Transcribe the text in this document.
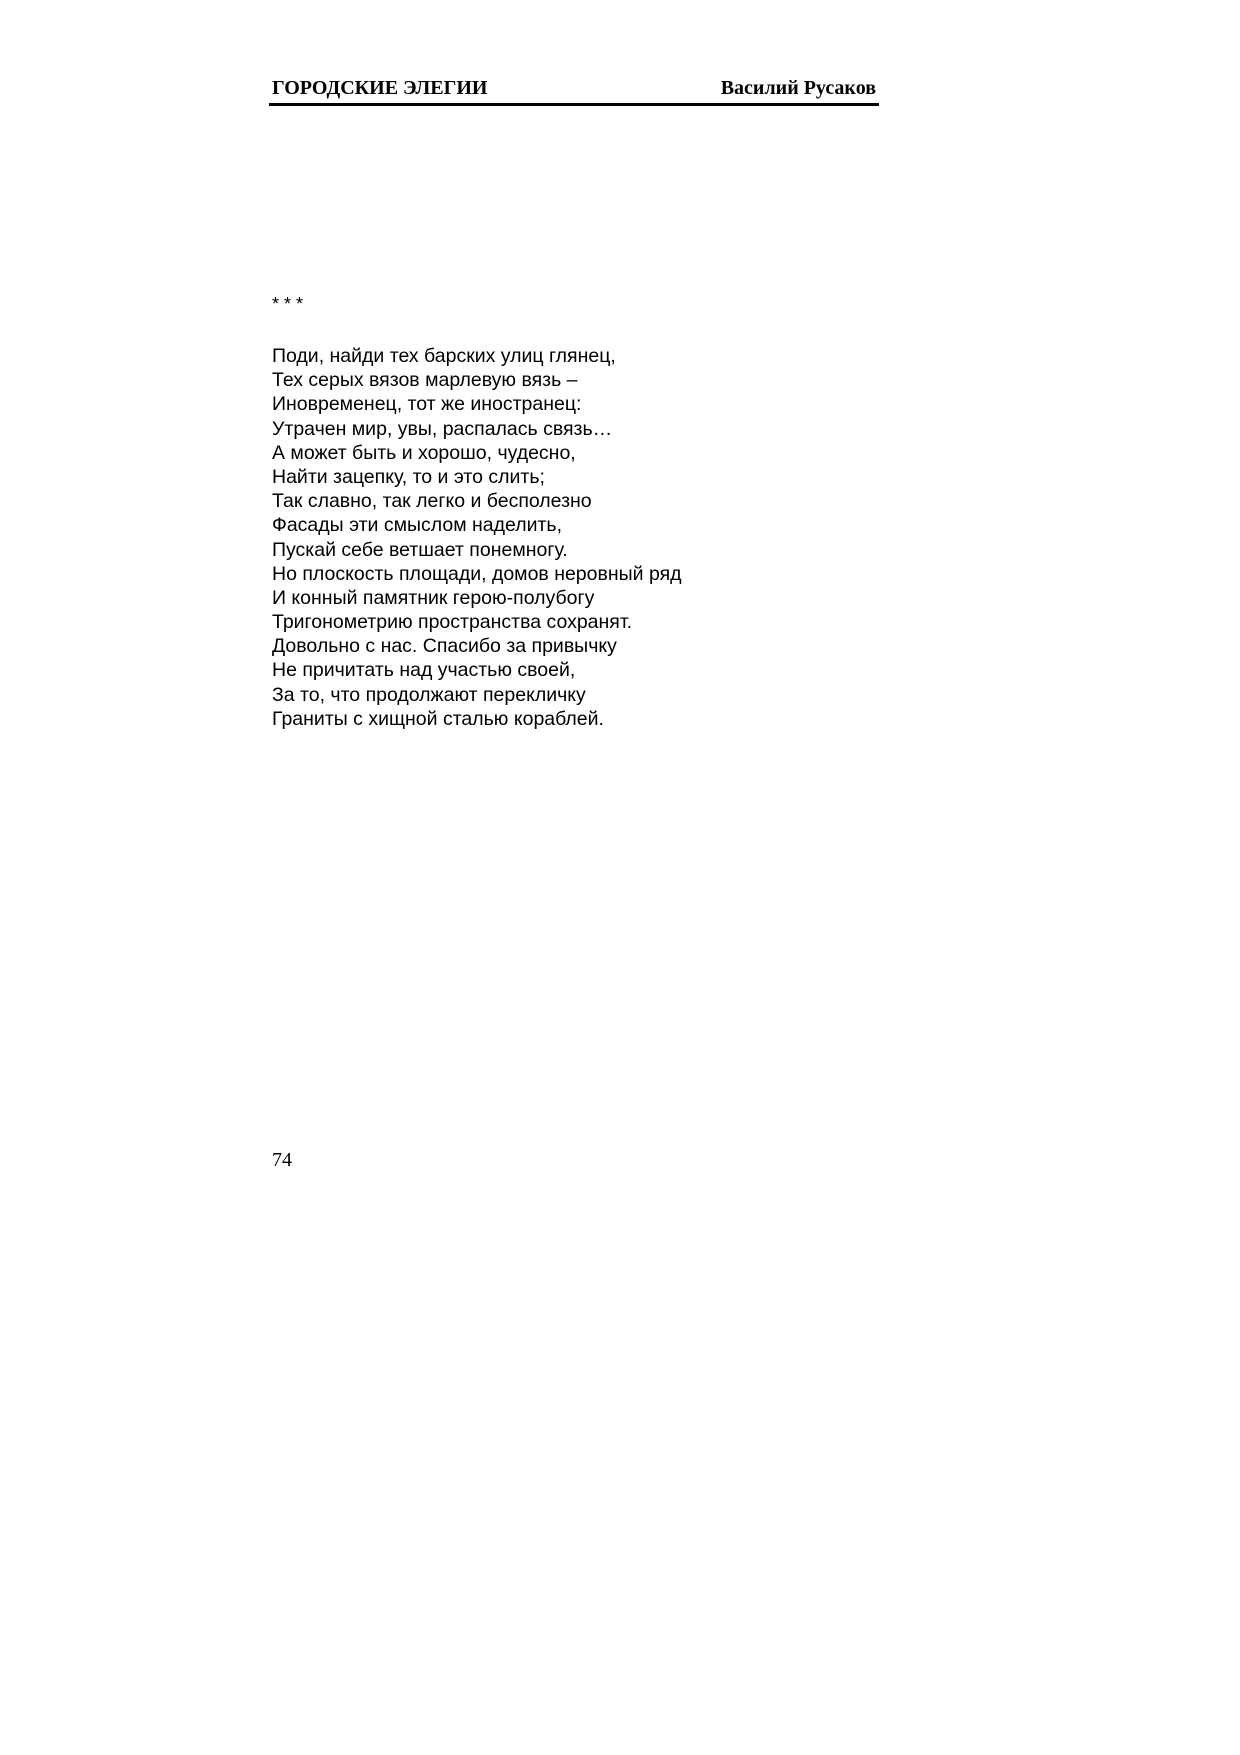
ГОРОДСКИЕ ЭЛЕГИИ	Василий Русаков
* * *
Поди, найди тех барских улиц глянец,
Тех серых вязов марлевую вязь –
Иновременец, тот же иностранец:
Утрачен мир, увы, распалась связь…
А может быть и хорошо, чудесно,
Найти зацепку, то и это слить;
Так славно, так легко и бесполезно
Фасады эти смыслом наделить,
Пускай себе ветшает понемногу.
Но плоскость площади, домов неровный ряд
И конный памятник герою-полубогу
Тригонометрию пространства сохранят.
Довольно с нас. Спасибо за привычку
Не причитать над участью своей,
За то, что продолжают перекличку
Граниты с хищной сталью кораблей.
74
